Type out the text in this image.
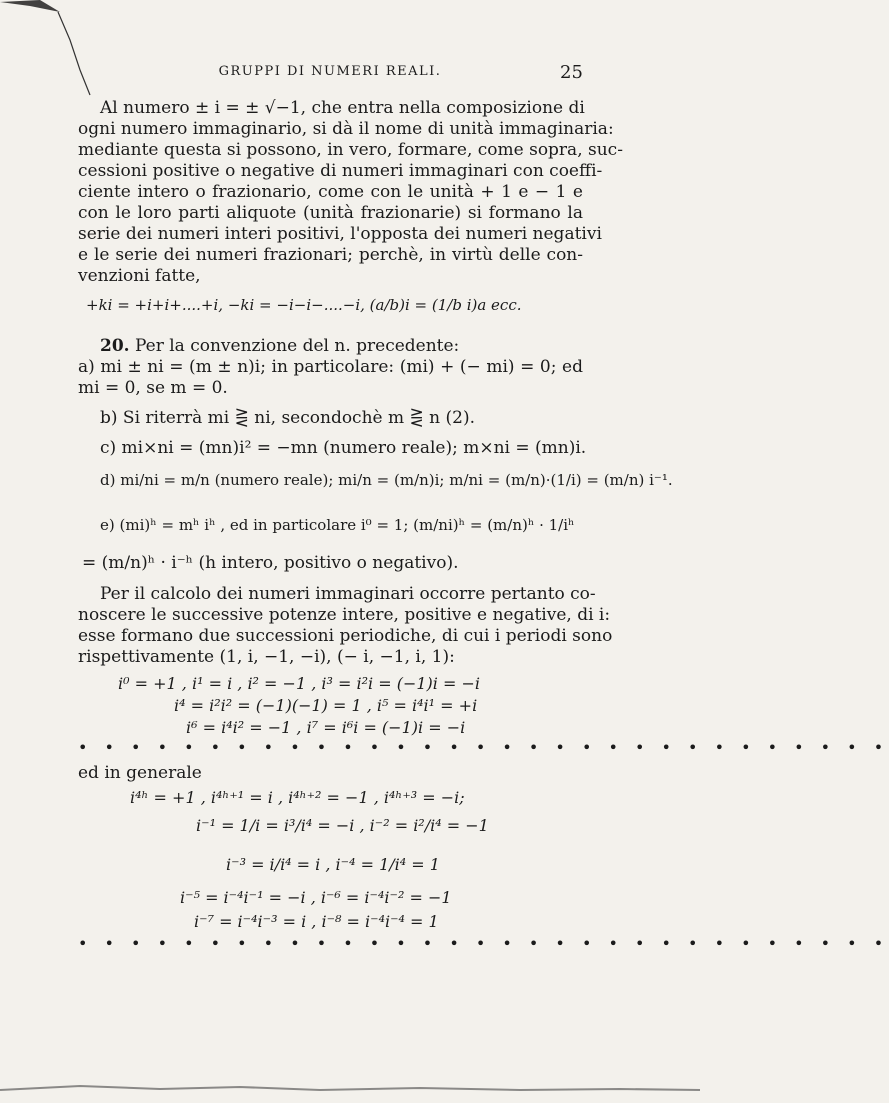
GRUPPI DI NUMERI REALI.	25
Al numero ± i = ± √−1, che entra nella composizione di
ogni numero immaginario, si dà il nome di unità immaginaria:
mediante questa si possono, in vero, formare, come sopra, suc-
cessioni positive o negative di numeri immaginari con coeffi-
ciente intero o frazionario, come con le unità + 1 e − 1 e
con le loro parti aliquote (unità frazionarie) si formano la
serie dei numeri interi positivi, l'opposta dei numeri negativi
e le serie dei numeri frazionari; perchè, in virtù delle con-
venzioni fatte,
+ki = +i+i+....+i, −ki = −i−i−....−i, (a/b)i = (1/b i)a ecc.
20. Per la convenzione del n. precedente:
a) mi ± ni = (m ± n)i; in particolare: (mi) + (− mi) = 0; ed
mi = 0, se m = 0.
b) Si riterrà mi ⋛ ni, secondochè m ⋛ n (2).
c) mi×ni = (mn)i² = −mn (numero reale); m×ni = (mn)i.
d) mi/ni = m/n (numero reale); mi/n = (m/n)i; m/ni = (m/n)·(1/i) = (m/n) i⁻¹.
e) (mi)ʰ = mʰ iʰ , ed in particolare i⁰ = 1; (m/ni)ʰ = (m/n)ʰ · 1/iʰ
= (m/n)ʰ · i⁻ʰ (h intero, positivo o negativo).
Per il calcolo dei numeri immaginari occorre pertanto co-
noscere le successive potenze intere, positive e negative, di i:
esse formano due successioni periodiche, di cui i periodi sono
rispettivamente (1, i, −1, −i), (− i, −1, i, 1):
i⁰ = +1 , i¹ = i , i² = −1 , i³ = i²i = (−1)i = −i
i⁴ = i²i² = (−1)(−1) = 1 , i⁵ = i⁴i¹ = +i
i⁶ = i⁴i² = −1 , i⁷ = i⁶i = (−1)i = −i
• • • • • • • • • • • • • • • • • • • • • • • • • • • • • • •
ed in generale
i⁴ʰ = +1 , i⁴ʰ⁺¹ = i , i⁴ʰ⁺² = −1 , i⁴ʰ⁺³ = −i;
i⁻¹ = 1/i = i³/i⁴ = −i , i⁻² = i²/i⁴ = −1
i⁻³ = i/i⁴ = i , i⁻⁴ = 1/i⁴ = 1
i⁻⁵ = i⁻⁴i⁻¹ = −i , i⁻⁶ = i⁻⁴i⁻² = −1
i⁻⁷ = i⁻⁴i⁻³ = i , i⁻⁸ = i⁻⁴i⁻⁴ = 1
• • • • • • • • • • • • • • • • • • • • • • • • • • • • • • •
